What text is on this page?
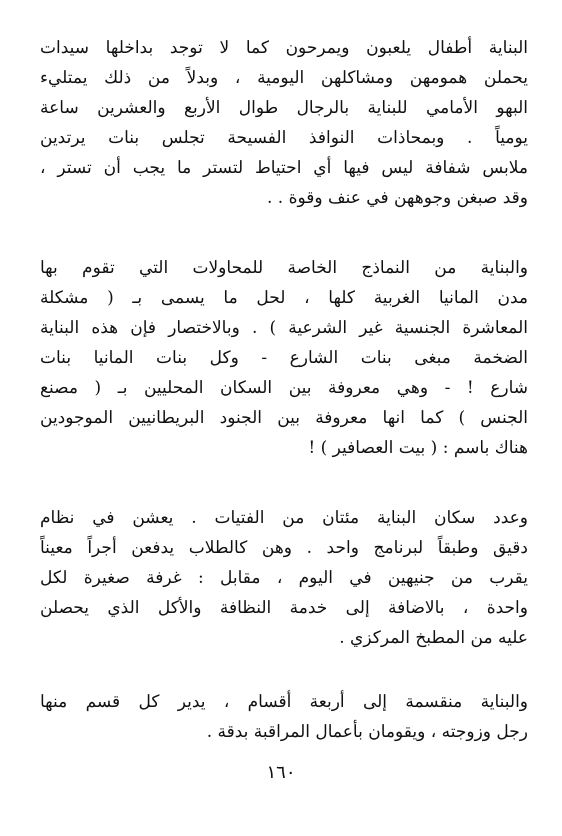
البناية أطفال يلعبون ويمرحون كما لا توجد بداخلها سيدات
يحملن همومهن ومشاكلهن اليومية ، وبدلاً من ذلك يمتليء
البهو الأمامي للبناية بالرجال طوال الأربع والعشرين ساعة
يومياً . وبمحاذات النوافذ الفسيحة تجلس بنات يرتدين
ملابس شفافة ليس فيها أي احتياط لتستر ما يجب أن تستر ،
وقد صبغن وجوههن في عنف وقوة . .
والبناية من النماذج الخاصة للمحاولات التي تقوم بها
مدن المانيا الغربية كلها ، لحل ما يسمى بـ ( مشكلة
المعاشرة الجنسية غير الشرعية ) . وبالاختصار فإن هذه البناية
الضخمة مبغى بنات الشارع - وكل بنات المانيا بنات
شارع ! - وهي معروفة بين السكان المحليين بـ ( مصنع
الجنس ) كما انها معروفة بين الجنود البريطانيين الموجودين
هناك باسم : ( بيت العصافير ) !
وعدد سكان البناية مئتان من الفتيات . يعشن في نظام
دقيق وطبقاً لبرنامج واحد . وهن كالطلاب يدفعن أجراً معيناً
يقرب من جنيهين في اليوم ، مقابل : غرفة صغيرة لكل
واحدة ، بالاضافة إلى خدمة النظافة والأكل الذي يحصلن
عليه من المطبخ المركزي .
والبناية منقسمة إلى أربعة أقسام ، يدير كل قسم منها
رجل وزوجته ، ويقومان بأعمال المراقبة بدقة .
١٦٠
